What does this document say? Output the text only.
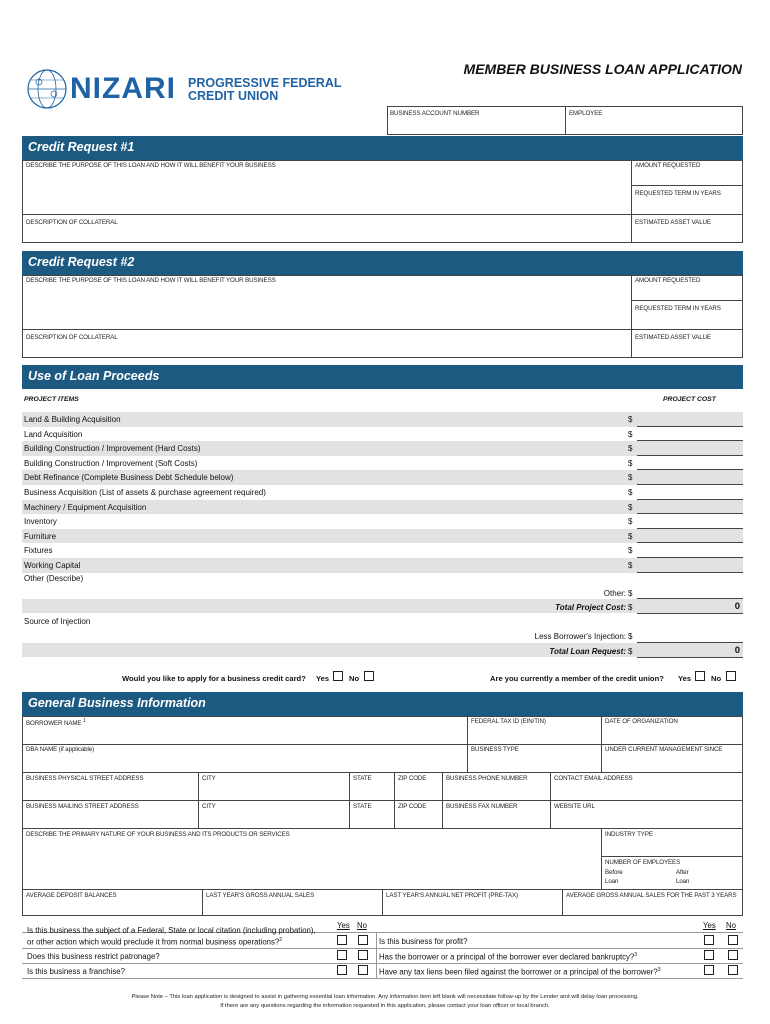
NIZARI PROGRESSIVE FEDERAL
CREDIT UNION
MEMBER BUSINESS LOAN APPLICATION
BUSINESS ACCOUNT NUMBER	EMPLOYEE
Credit Request #1
DESCRIBE THE PURPOSE OF THIS LOAN AND HOW IT WILL BENEFIT YOUR BUSINESS	AMOUNT REQUESTED
REQUESTED TERM IN YEARS
DESCRIPTION OF COLLATERAL	ESTIMATED ASSET VALUE
Credit Request #2
DESCRIBE THE PURPOSE OF THIS LOAN AND HOW IT WILL BENEFIT YOUR BUSINESS	AMOUNT REQUESTED
REQUESTED TERM IN YEARS
DESCRIPTION OF COLLATERAL	ESTIMATED ASSET VALUE
Use of Loan Proceeds
PROJECT ITEMS	PROJECT COST
Land & Building Acquisition	$
Land Acquisition	$
Building Construction / Improvement (Hard Costs)	$
Building Construction / Improvement (Soft Costs)	$
Debt Refinance (Complete Business Debt Schedule below)	$
Business Acquisition (List of assets & purchase agreement required)	$
Machinery / Equipment Acquisition	$
Inventory	$
Furniture	$
Fixtures	$
Working Capital	$
Other (Describe)
Other: $
Total Project Cost: $	0
Source of Injection
Less Borrower's Injection: $
Total Loan Request: $	0
Would you like to apply for a business credit card? Yes	No	Are you currently a member of the credit union? Yes	No
General Business Information
BORROWER NAME $^1$	FEDERAL TAX ID (EIN/TIN)	DATE OF ORGANIZATION
DBA NAME (if applicable)	BUSINESS TYPE	UNDER CURRENT MANAGEMENT SINCE
BUSINESS PHYSICAL STREET ADDRESS	CITY	STATE	ZIP CODE	BUSINESS PHONE NUMBER	CONTACT EMAIL ADDRESS
BUSINESS MAILING STREET ADDRESS	CITY	STATE	ZIP CODE	BUSINESS FAX NUMBER	WEBSITE URL
DESCRIBE THE PRIMARY NATURE OF YOUR BUSINESS AND ITS PRODUCTS OR SERVICES	INDUSTRY TYPE
NUMBER OF EMPLOYEES
Before
Loan
After
Loan
AVERAGE DEPOSIT BALANCES	LAST YEAR'S GROSS ANNUAL SALES	LAST YEAR'S ANNUAL NET PROFIT (PRE-TAX)	AVERAGE GROSS ANNUAL SALES FOR THE PAST 3 YEARS
Yes No	Yes No
Is this business the subject of a Federal, State or local citation (including probation),
or other action which would preclude it from normal business operations?$^2$
Does this business restrict patronage?
Is this business a franchise?
Is this business for profit?
Has the borrower or a principal of the borrower ever declared bankruptcy?$^3$
Have any tax liens been filed against the borrower or a principal of the borrower?$^3$
Please Note – This loan application is designed to assist in gathering essential loan information. Any information item left blank will necessitate follow-up by the Lender and will delay loan processing.
If there are any questions regarding the information requested in this application, please contact your loan officer or local branch.
